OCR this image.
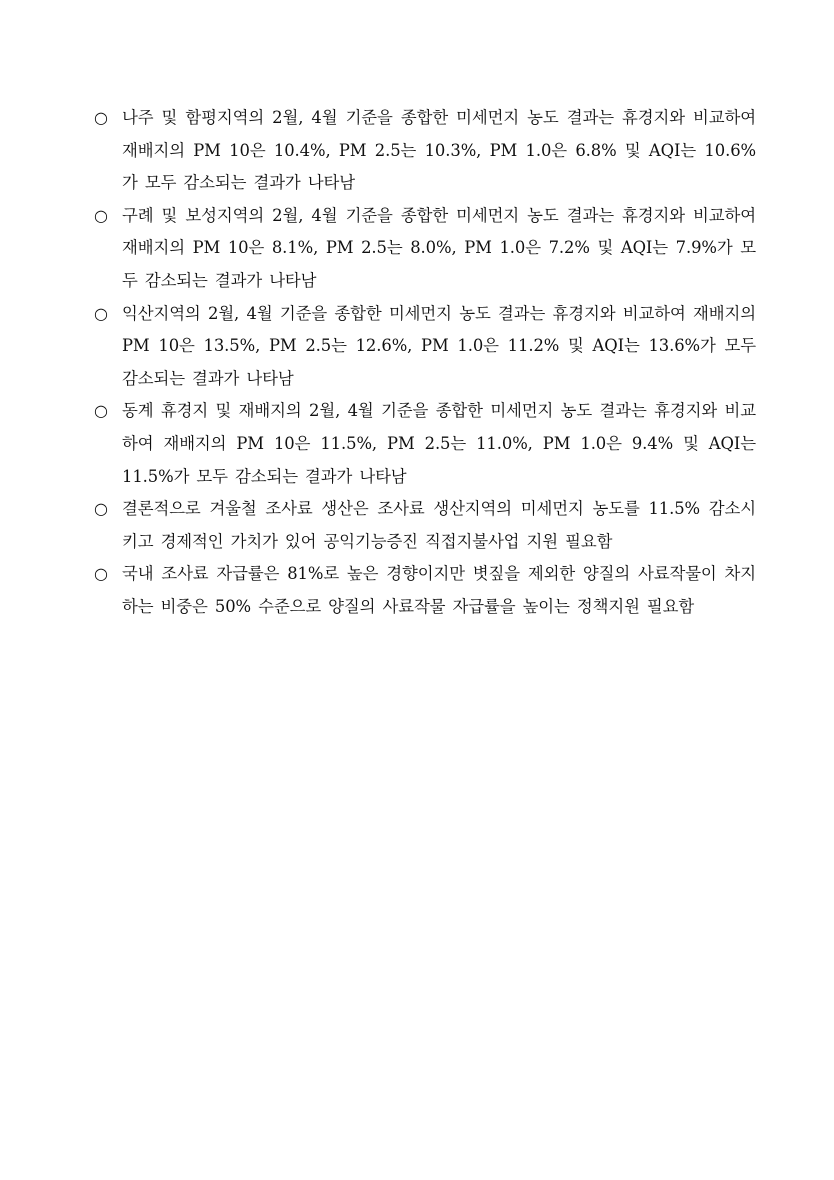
○ 나주 및 함평지역의 2월, 4월 기준을 종합한 미세먼지 농도 결과는 휴경지와 비교하여 재배지의 PM 10은 10.4%, PM 2.5는 10.3%, PM 1.0은 6.8% 및 AQI는 10.6%가 모두 감소되는 결과가 나타남
○ 구례 및 보성지역의 2월, 4월 기준을 종합한 미세먼지 농도 결과는 휴경지와 비교하여 재배지의 PM 10은 8.1%, PM 2.5는 8.0%, PM 1.0은 7.2% 및 AQI는 7.9%가 모두 감소되는 결과가 나타남
○ 익산지역의 2월, 4월 기준을 종합한 미세먼지 농도 결과는 휴경지와 비교하여 재배지의 PM 10은 13.5%, PM 2.5는 12.6%, PM 1.0은 11.2% 및 AQI는 13.6%가 모두 감소되는 결과가 나타남
○ 동계 휴경지 및 재배지의 2월, 4월 기준을 종합한 미세먼지 농도 결과는 휴경지와 비교하여 재배지의 PM 10은 11.5%, PM 2.5는 11.0%, PM 1.0은 9.4% 및 AQI는 11.5%가 모두 감소되는 결과가 나타남
○ 결론적으로 겨울철 조사료 생산은 조사료 생산지역의 미세먼지 농도를 11.5% 감소시키고 경제적인 가치가 있어 공익기능증진 직접지불사업 지원 필요함
○ 국내 조사료 자급률은 81%로 높은 경향이지만 볏짚을 제외한 양질의 사료작물이 차지하는 비중은 50% 수준으로 양질의 사료작물 자급률을 높이는 정책지원 필요함
